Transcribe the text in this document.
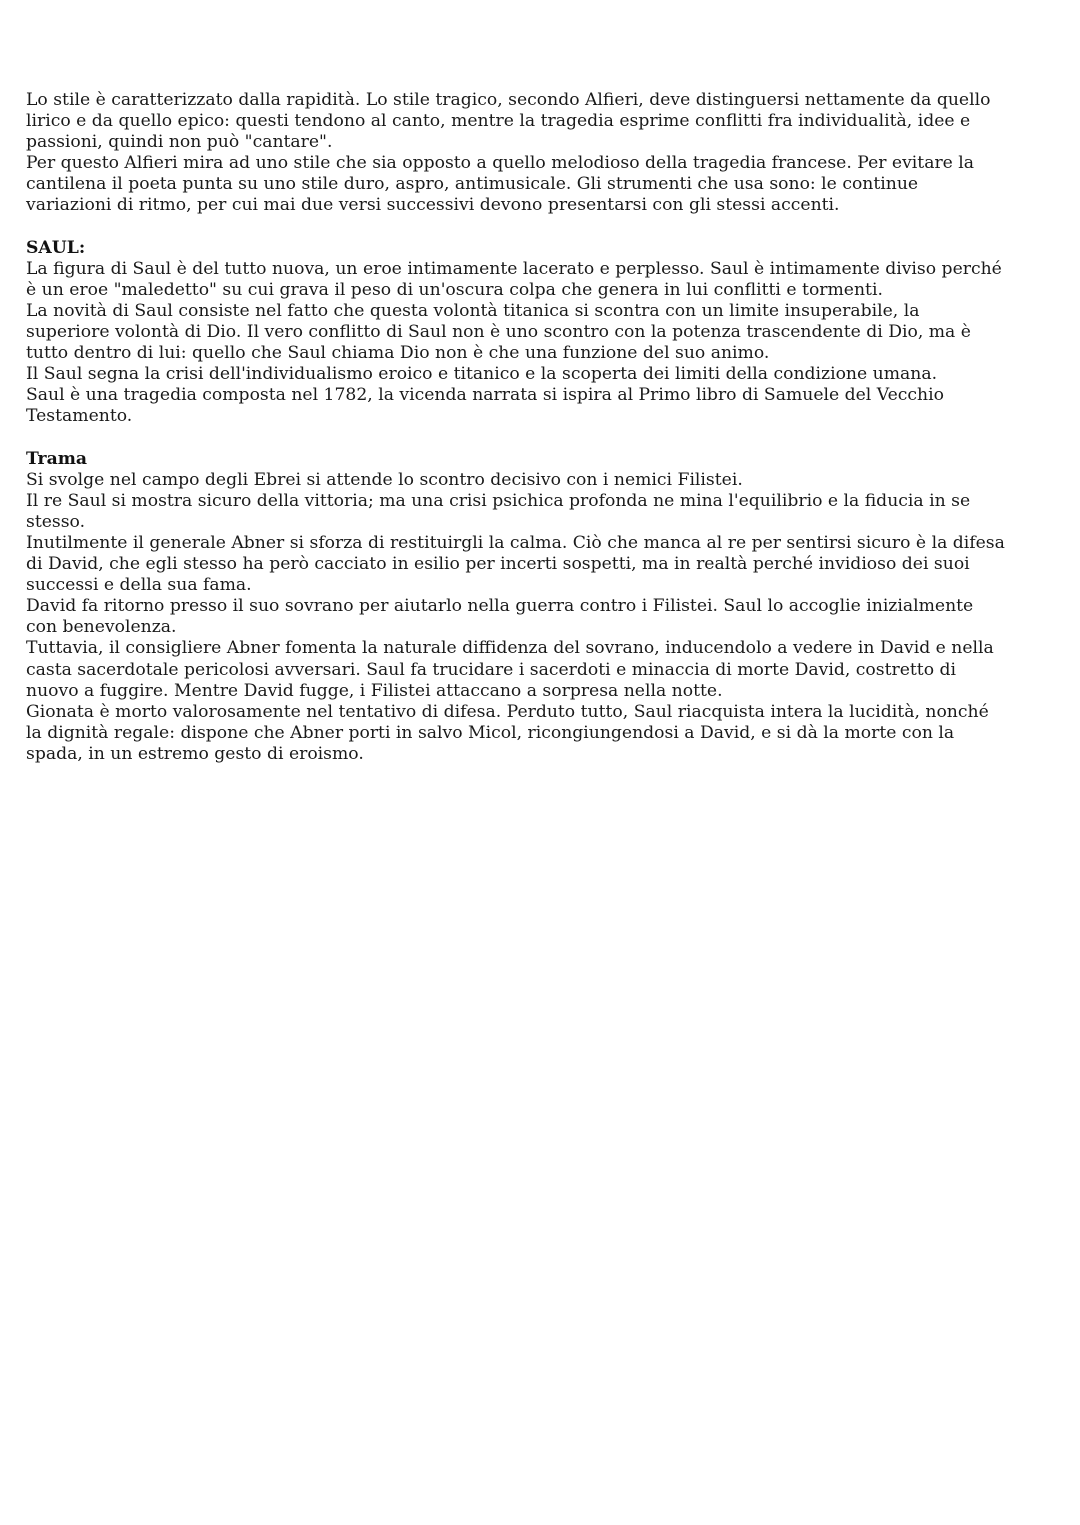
Lo stile è caratterizzato dalla rapidità. Lo stile tragico, secondo Alfieri, deve distinguersi nettamente da quello
lirico e da quello epico: questi tendono al canto, mentre la tragedia esprime conflitti fra individualità, idee e
passioni, quindi non può "cantare".
Per questo Alfieri mira ad uno stile che sia opposto a quello melodioso della tragedia francese. Per evitare la
cantilena il poeta punta su uno stile duro, aspro, antimusicale. Gli strumenti che usa sono: le continue
variazioni di ritmo, per cui mai due versi successivi devono presentarsi con gli stessi accenti.
SAUL:
La figura di Saul è del tutto nuova, un eroe intimamente lacerato e perplesso. Saul è intimamente diviso perché
è un eroe "maledetto" su cui grava il peso di un'oscura colpa che genera in lui conflitti e tormenti.
La novità di Saul consiste nel fatto che questa volontà titanica si scontra con un limite insuperabile, la
superiore volontà di Dio. Il vero conflitto di Saul non è uno scontro con la potenza trascendente di Dio, ma è
tutto dentro di lui: quello che Saul chiama Dio non è che una funzione del suo animo.
Il Saul segna la crisi dell'individualismo eroico e titanico e la scoperta dei limiti della condizione umana.
Saul è una tragedia composta nel 1782, la vicenda narrata si ispira al Primo libro di Samuele del Vecchio
Testamento.
Trama
Si svolge nel campo degli Ebrei si attende lo scontro decisivo con i nemici Filistei.
Il re Saul si mostra sicuro della vittoria; ma una crisi psichica profonda ne mina l'equilibrio e la fiducia in se
stesso.
Inutilmente il generale Abner si sforza di restituirgli la calma. Ciò che manca al re per sentirsi sicuro è la difesa
di David, che egli stesso ha però cacciato in esilio per incerti sospetti, ma in realtà perché invidioso dei suoi
successi e della sua fama.
David fa ritorno presso il suo sovrano per aiutarlo nella guerra contro i Filistei. Saul lo accoglie inizialmente
con benevolenza.
Tuttavia, il consigliere Abner fomenta la naturale diffidenza del sovrano, inducendolo a vedere in David e nella
casta sacerdotale pericolosi avversari. Saul fa trucidare i sacerdoti e minaccia di morte David, costretto di
nuovo a fuggire. Mentre David fugge, i Filistei attaccano a sorpresa nella notte.
Gionata è morto valorosamente nel tentativo di difesa. Perduto tutto, Saul riacquista intera la lucidità, nonché
la dignità regale: dispone che Abner porti in salvo Micol, ricongiungendosi a David, e si dà la morte con la
spada, in un estremo gesto di eroismo.
